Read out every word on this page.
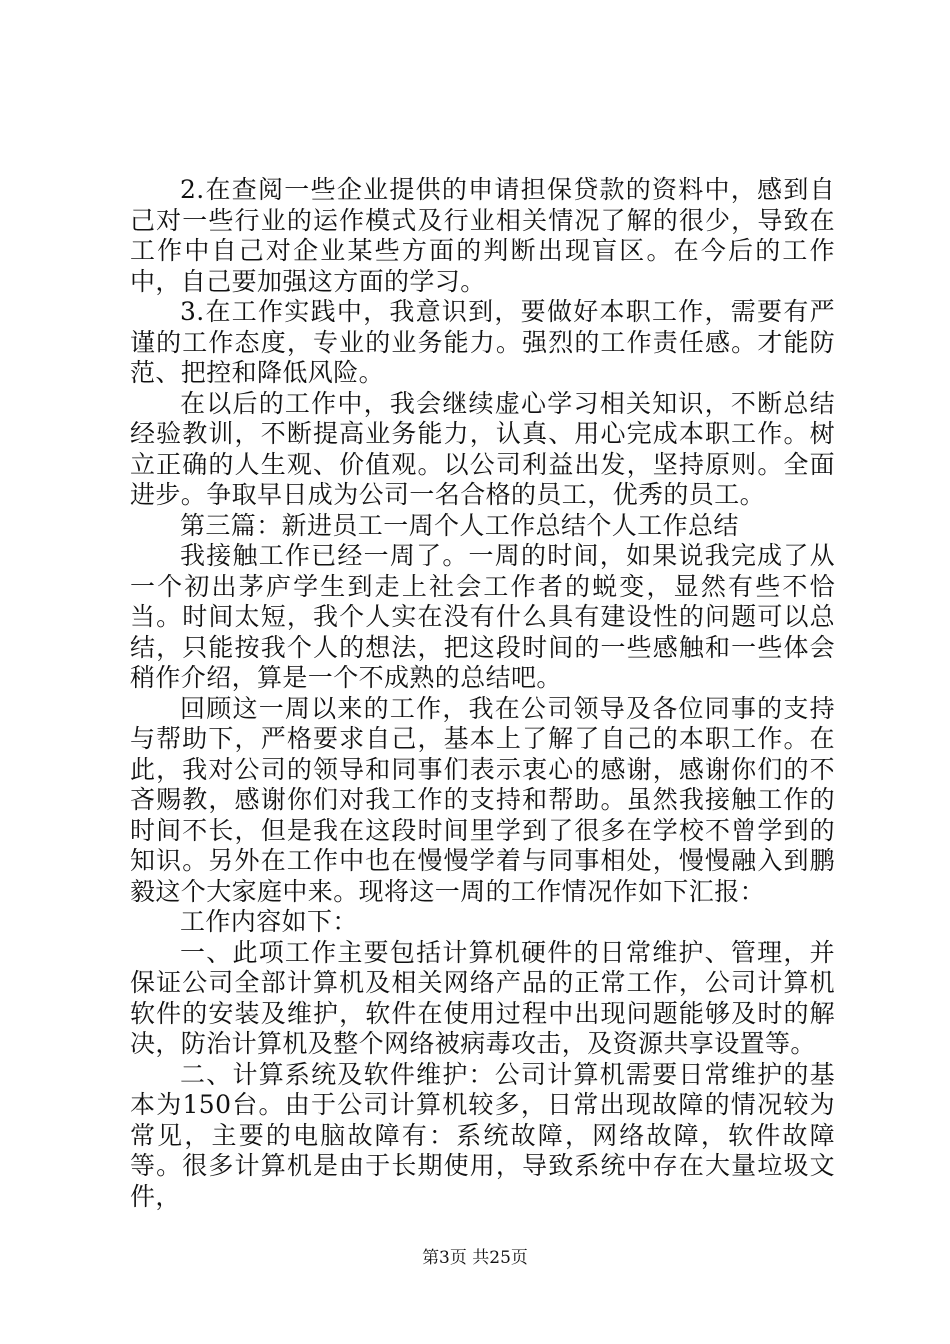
2.在查阅一些企业提供的申请担保贷款的资料中，感到自己对一些行业的运作模式及行业相关情况了解的很少，导致在工作中自己对企业某些方面的判断出现盲区。在今后的工作中，自己要加强这方面的学习。

3.在工作实践中，我意识到，要做好本职工作，需要有严谨的工作态度，专业的业务能力。强烈的工作责任感。才能防范、把控和降低风险。

在以后的工作中，我会继续虚心学习相关知识，不断总结经验教训，不断提高业务能力，认真、用心完成本职工作。树立正确的人生观、价值观。以公司利益出发，坚持原则。全面进步。争取早日成为公司一名合格的员工，优秀的员工。

第三篇：新进员工一周个人工作总结个人工作总结

我接触工作已经一周了。一周的时间，如果说我完成了从一个初出茅庐学生到走上社会工作者的蜕变，显然有些不恰当。时间太短，我个人实在没有什么具有建设性的问题可以总结，只能按我个人的想法，把这段时间的一些感触和一些体会稍作介绍，算是一个不成熟的总结吧。

回顾这一周以来的工作，我在公司领导及各位同事的支持与帮助下，严格要求自己，基本上了解了自己的本职工作。在此，我对公司的领导和同事们表示衷心的感谢，感谢你们的不吝赐教，感谢你们对我工作的支持和帮助。虽然我接触工作的时间不长，但是我在这段时间里学到了很多在学校不曾学到的知识。另外在工作中也在慢慢学着与同事相处，慢慢融入到鹏毅这个大家庭中来。现将这一周的工作情况作如下汇报：

工作内容如下：

一、此项工作主要包括计算机硬件的日常维护、管理，并保证公司全部计算机及相关网络产品的正常工作，公司计算机软件的安装及维护，软件在使用过程中出现问题能够及时的解决，防治计算机及整个网络被病毒攻击，及资源共享设置等。

二、计算系统及软件维护：公司计算机需要日常维护的基本为150台。由于公司计算机较多，日常出现故障的情况较为常见，主要的电脑故障有：系统故障，网络故障，软件故障等。很多计算机是由于长期使用，导致系统中存在大量垃圾文件，

第3页 共25页
